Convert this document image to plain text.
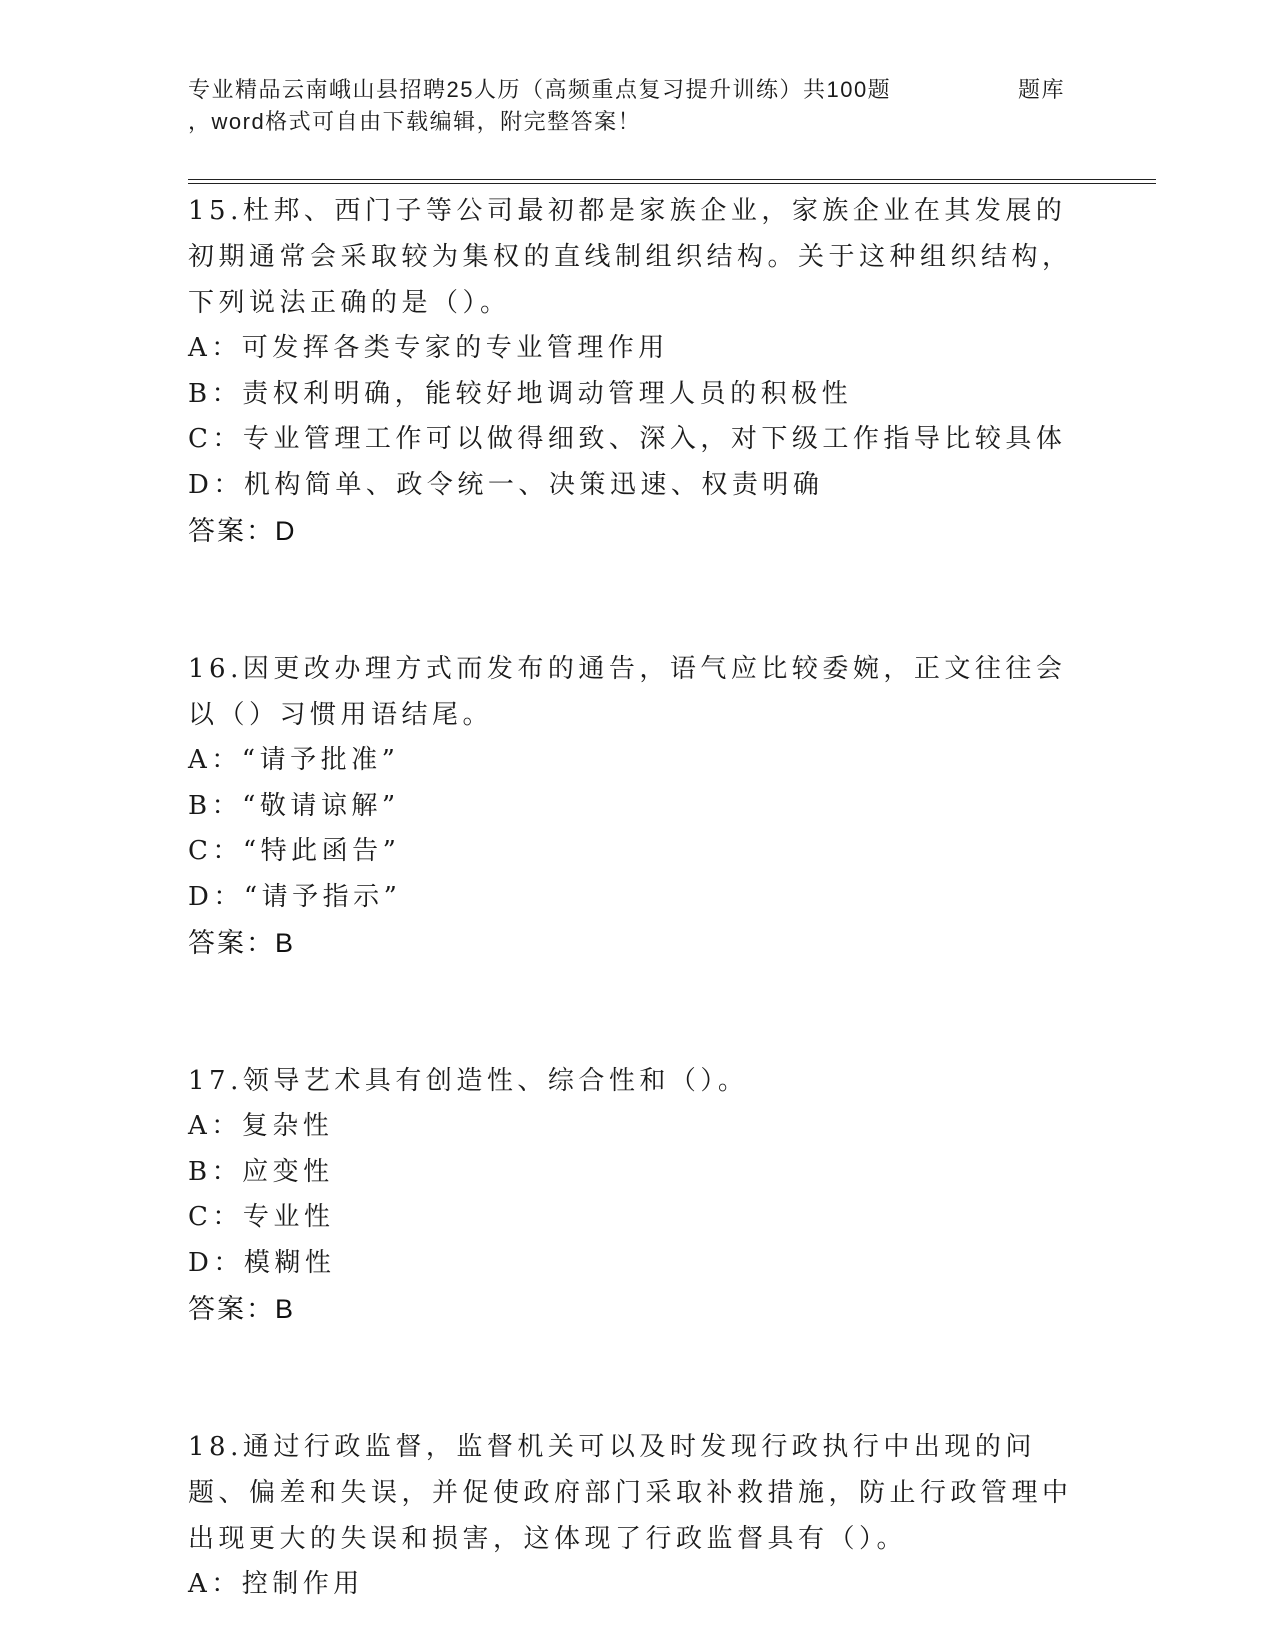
专业精品云南峨山县招聘25人历（高频重点复习提升训练）共100题	题库
，word格式可自由下载编辑，附完整答案！

15.杜邦、西门子等公司最初都是家族企业，家族企业在其发展的初期通常会采取较为集权的直线制组织结构。关于这种组织结构，下列说法正确的是（）。

A：可发挥各类专家的专业管理作用

B：责权利明确，能较好地调动管理人员的积极性

C：专业管理工作可以做得细致、深入，对下级工作指导比较具体

D：机构简单、政令统一、决策迅速、权责明确

答案：D

16.因更改办理方式而发布的通告，语气应比较委婉，正文往往会以（）习惯用语结尾。

A：“请予批准”

B：“敬请谅解”

C：“特此函告”

D：“请予指示”

答案：B

17.领导艺术具有创造性、综合性和（）。

A：复杂性

B：应变性

C：专业性

D：模糊性

答案：B

18.通过行政监督，监督机关可以及时发现行政执行中出现的问题、偏差和失误，并促使政府部门采取补救措施，防止行政管理中出现更大的失误和损害，这体现了行政监督具有（）。

A：控制作用
